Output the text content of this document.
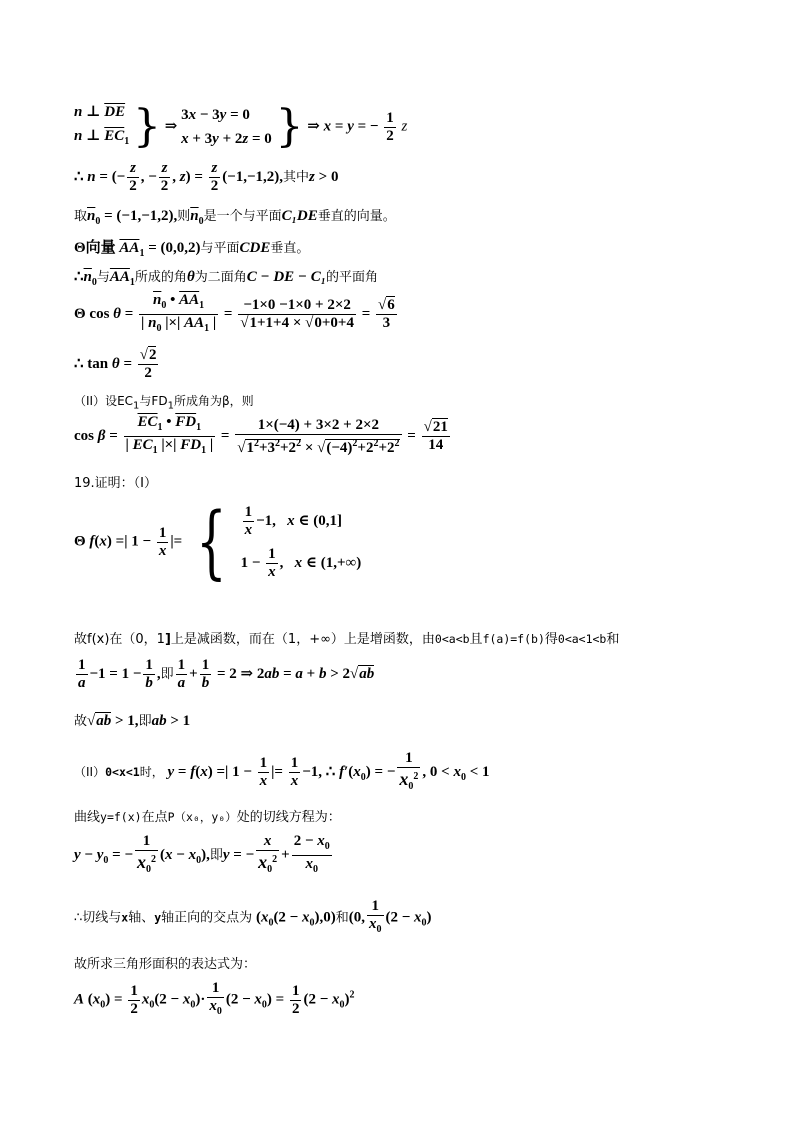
n ⊥ $\overline{DE}$
n ⊥ $\overline{EC}_1$ } ⇒
3x − 3y = 0
x + 3y + 2z = 0 } ⇒ x = y = − $\frac{1}{2}$ z
∴ n = (− $\frac{z}{2}$ , − $\frac{z}{2}$ , $z) = \frac{z}{2} (-1,-1,2)$,其中z > 0
取$\overline{n}_0 = (-1,-1,2)$,则$\overline{n}_0$是一个与平面C₁DE垂直的向量。
Θ向量 $\overline{AA}_1 = (0,0,2)$与平面CDE垂直。
$\therefore\overline{n}_0$与$\overline{AA}_1$所成的角θ为二面角C − DE − C₁的平面角
Θ $\cos \theta = \frac{\overline{n}_0 • \overline{AA}_1}{| \overline{n}_0 |\times| \overline{AA}_1 |} = \frac{-1\times 0 -1\times 0 + 2\times 2}{√1+1+4 \times √0+0+4} = \frac{√6}{3}$
∴ $\tan \theta = \frac{√2}{2}$
（II）设$EC_1$与$FD_1$所成角为β，则
$\cos \beta = \frac{\overline{EC}_1 • \overline{FD}_1}{| \overline{EC}_1 |\times| \overline{FD}_1 |} = \frac{1\times(-4) + 3\times 2 + 2\times 2}{√1^2+3^2+2^2 \times √(-4)^2+2^2+2^2} = \frac{√21}{14}$
19.证明：（I）
Θ f(x) =| $1 - \frac{1}{x}$ |= { $\frac{1}{x} -1$,   x ∈ (0,1]
$1 - \frac{1}{x}$ ,   x ∈ (1,+∞)
故f(x)在（0，1]上是减函数，而在（1，+∞）上是增函数，由0<a<b且f(a)=f(b)得0<a<1<b和
$\frac{1}{a} -1 = 1 - \frac{1}{b}$ ,即 $\frac{1}{a} + \frac{1}{b} = 2$ ⇒ 2ab = a + b > 2√ab
故√ab > 1,即ab > 1
（II）0<x<1时， y = f(x) =| $1 - \frac{1}{x}$ |= $\frac{1}{x} -1$, ∴ $f'(x_0)$ = − $\frac{1}{x_0^2}$ , $0 < x_0 < 1$
曲线y=f(x)在点P（x₀，y₀）处的切线方程为：
$y - y_0$ = − $\frac{1}{x_0^2} (x - x_0)$,即y = − $\frac{x}{x_0^2} + \frac{2 - x_0}{x_0}$
∴切线与x轴、y轴正向的交点为 $(x_0(2 - x_0),0)$和(0, $\frac{1}{x_0} (2 - x_0)$
故所求三角形面积的表达式为：
A $(x_0) = \frac{1}{2} x_0(2 - x_0)\cdot \frac{1}{x_0} (2 - x_0) = \frac{1}{2} (2 - x_0)^2$
